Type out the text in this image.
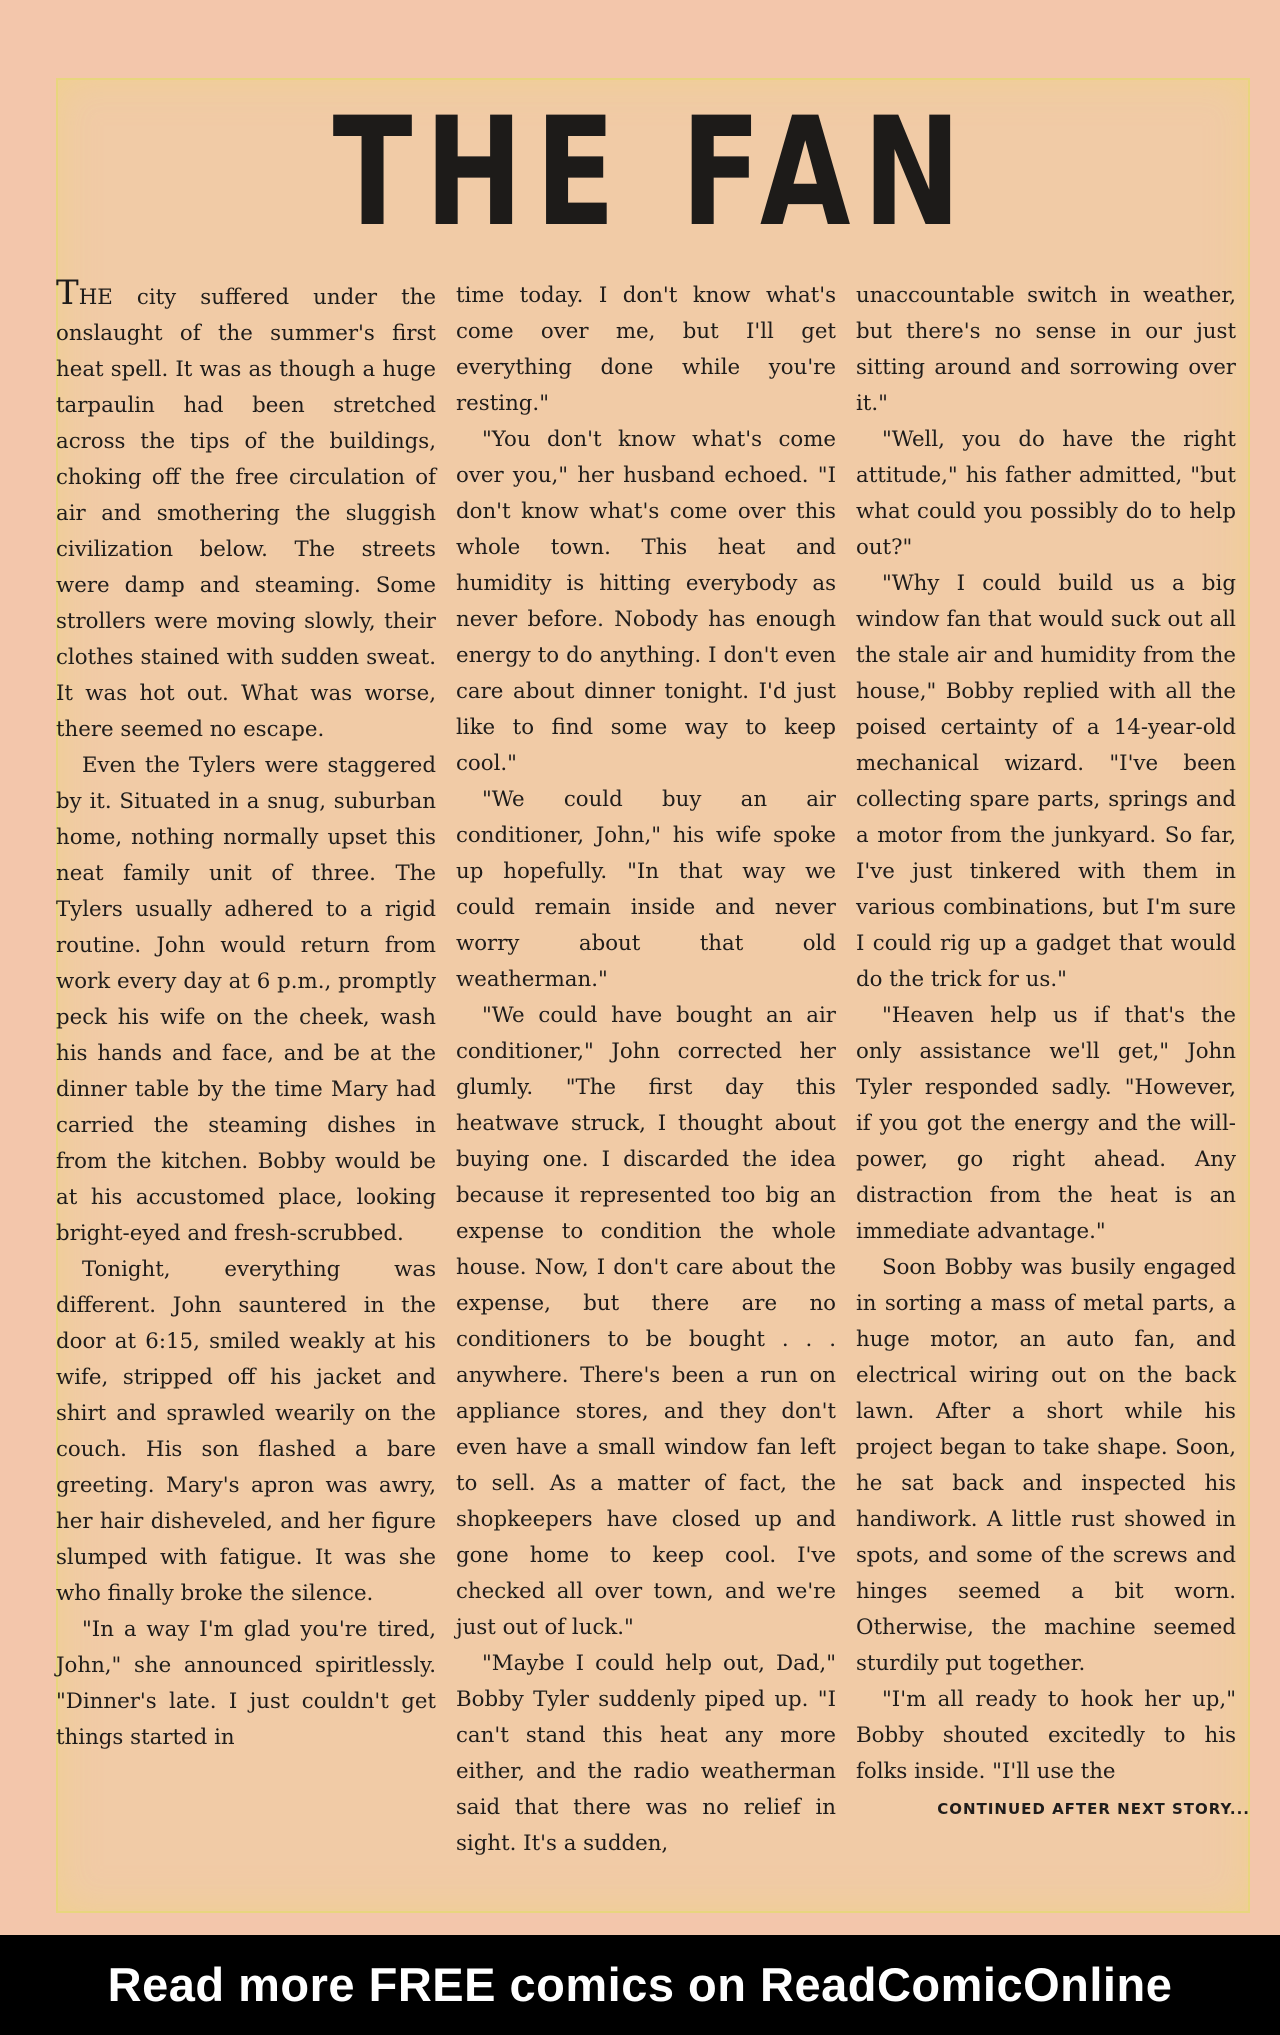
THE FAN

THE city suffered under the onslaught of the summer's first heat spell. It was as though a huge tarpaulin had been stretched across the tips of the buildings, choking off the free circulation of air and smothering the sluggish civilization below. The streets were damp and steaming. Some strollers were moving slowly, their clothes stained with sudden sweat. It was hot out. What was worse, there seemed no escape.

Even the Tylers were staggered by it. Situated in a snug, suburban home, nothing normally upset this neat family unit of three. The Tylers usually adhered to a rigid routine. John would return from work every day at 6 p.m., promptly peck his wife on the cheek, wash his hands and face, and be at the dinner table by the time Mary had carried the steaming dishes in from the kitchen. Bobby would be at his accustomed place, looking bright-eyed and fresh-scrubbed.

Tonight, everything was different. John sauntered in the door at 6:15, smiled weakly at his wife, stripped off his jacket and shirt and sprawled wearily on the couch. His son flashed a bare greeting. Mary's apron was awry, her hair disheveled, and her figure slumped with fatigue. It was she who finally broke the silence.

"In a way I'm glad you're tired, John," she announced spiritlessly. "Dinner's late. I just couldn't get things started in

time today. I don't know what's come over me, but I'll get everything done while you're resting."

"You don't know what's come over you," her husband echoed. "I don't know what's come over this whole town. This heat and humidity is hitting everybody as never before. Nobody has enough energy to do anything. I don't even care about dinner tonight. I'd just like to find some way to keep cool."

"We could buy an air conditioner, John," his wife spoke up hopefully. "In that way we could remain inside and never worry about that old weatherman."

"We could have bought an air conditioner," John corrected her glumly. "The first day this heatwave struck, I thought about buying one. I discarded the idea because it represented too big an expense to condition the whole house. Now, I don't care about the expense, but there are no conditioners to be bought . . . anywhere. There's been a run on appliance stores, and they don't even have a small window fan left to sell. As a matter of fact, the shopkeepers have closed up and gone home to keep cool. I've checked all over town, and we're just out of luck."

"Maybe I could help out, Dad," Bobby Tyler suddenly piped up. "I can't stand this heat any more either, and the radio weatherman said that there was no relief in sight. It's a sudden,

unaccountable switch in weather, but there's no sense in our just sitting around and sorrowing over it."

"Well, you do have the right attitude," his father admitted, "but what could you possibly do to help out?"

"Why I could build us a big window fan that would suck out all the stale air and humidity from the house," Bobby replied with all the poised certainty of a 14-year-old mechanical wizard. "I've been collecting spare parts, springs and a motor from the junkyard. So far, I've just tinkered with them in various combinations, but I'm sure I could rig up a gadget that would do the trick for us."

"Heaven help us if that's the only assistance we'll get," John Tyler responded sadly. "However, if you got the energy and the will-power, go right ahead. Any distraction from the heat is an immediate advantage."

Soon Bobby was busily engaged in sorting a mass of metal parts, a huge motor, an auto fan, and electrical wiring out on the back lawn. After a short while his project began to take shape. Soon, he sat back and inspected his handiwork. A little rust showed in spots, and some of the screws and hinges seemed a bit worn. Otherwise, the machine seemed sturdily put together.

"I'm all ready to hook her up," Bobby shouted excitedly to his folks inside. "I'll use the

CONTINUED AFTER NEXT STORY...
Read more FREE comics on ReadComicOnline
